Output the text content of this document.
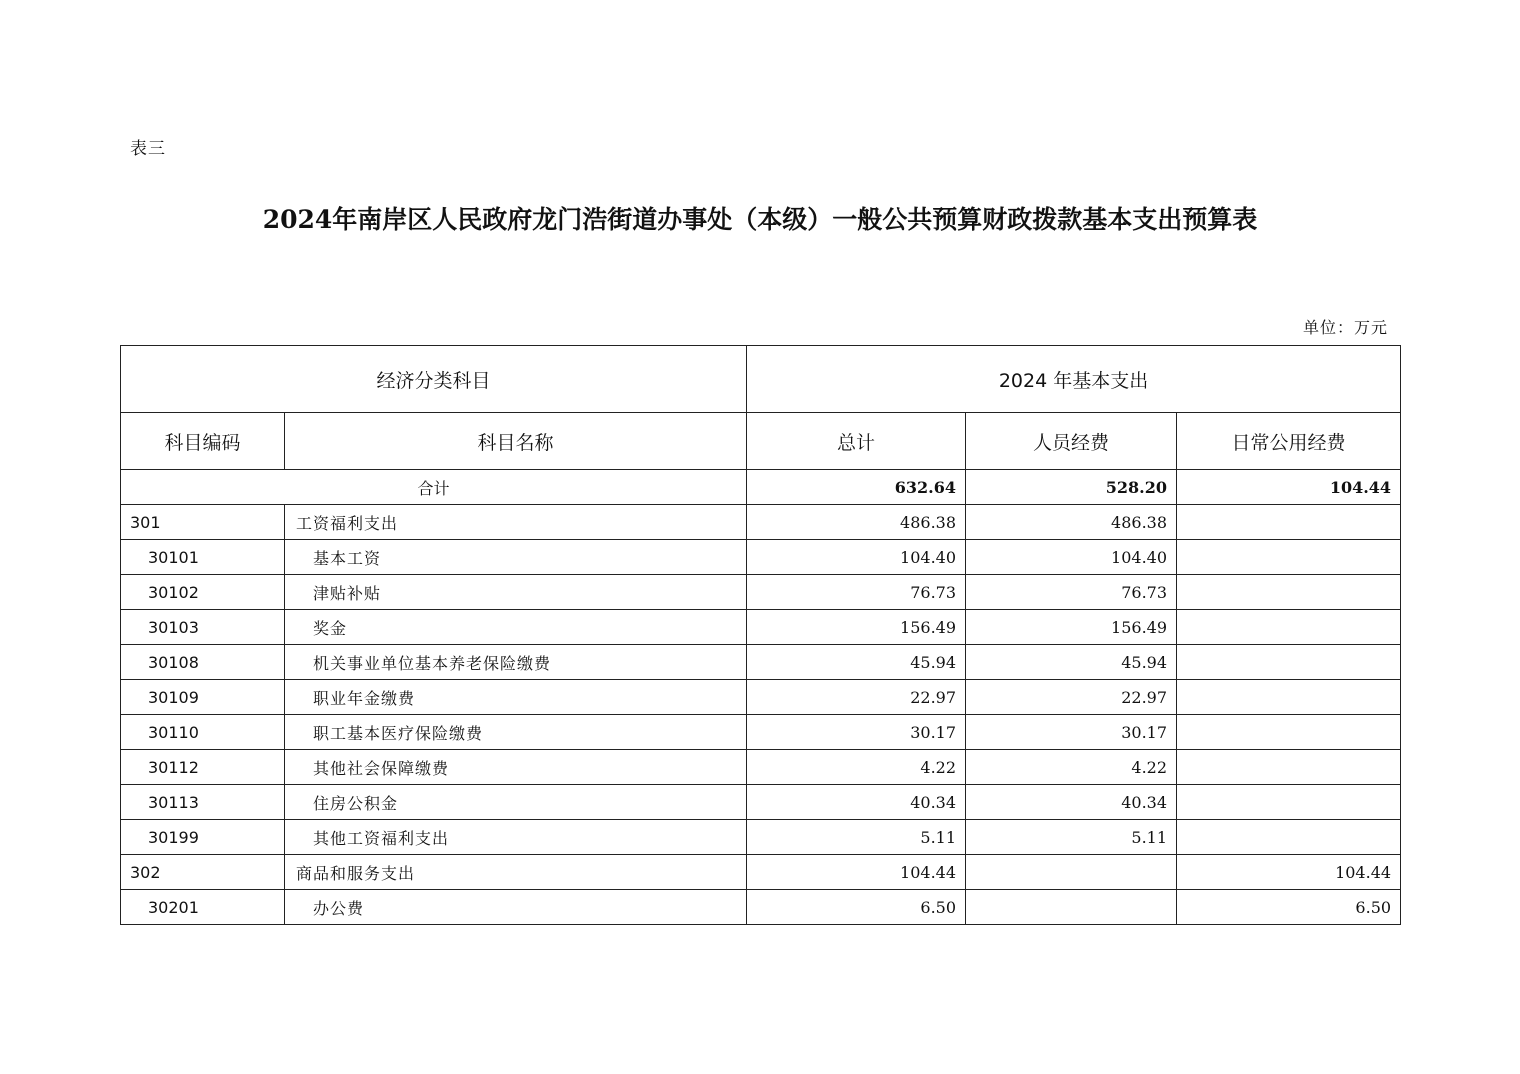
表三
2024年南岸区人民政府龙门浩街道办事处（本级）一般公共预算财政拨款基本支出预算表
单位：万元
经济分类科目		2024 年基本支出		
科目编码	科目名称	总计	人员经费	日常公用经费
合计		632.64	528.20	104.44
301	工资福利支出	486.38	486.38	
30101	基本工资	104.40	104.40	
30102	津贴补贴	76.73	76.73	
30103	奖金	156.49	156.49	
30108	机关事业单位基本养老保险缴费	45.94	45.94	
30109	职业年金缴费	22.97	22.97	
30110	职工基本医疗保险缴费	30.17	30.17	
30112	其他社会保障缴费	4.22	4.22	
30113	住房公积金	40.34	40.34	
30199	其他工资福利支出	5.11	5.11	
302	商品和服务支出	104.44		104.44
30201	办公费	6.50		6.50
